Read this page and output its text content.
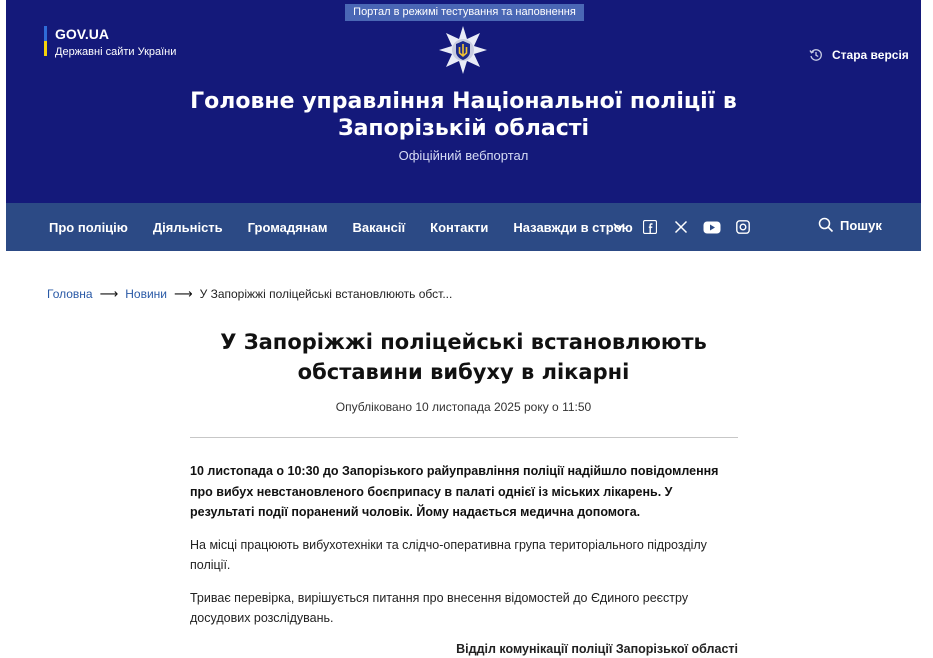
Портал в режимі тестування та наповнення
GOV.UA
Державні сайти України	Стара версія
Головне управління Національної поліції в Запорізькій області
Офіційний вебпортал
Про поліцію Діяльність Громадянам Вакансії Контакти Назавжди в строю	Пошук
Головна ⟶ Новини ⟶ У Запоріжжі поліцейські встановлюють обст...
У Запоріжжі поліцейські встановлюють обставини вибуху в лікарні
Опубліковано 10 листопада 2025 року о 11:50

10 листопада о 10:30 до Запорізького райуправління поліції надійшло повідомлення про вибух невстановленого боєприпасу в палаті однієї із міських лікарень. У результаті події поранений чоловік. Йому надається медична допомога.

На місці працюють вибухотехніки та слідчо-оперативна група територіального підрозділу поліції.

Триває перевірка, вирішується питання про внесення відомостей до Єдиного реєстру досудових розслідувань.

Відділ комунікації поліції Запорізької області
